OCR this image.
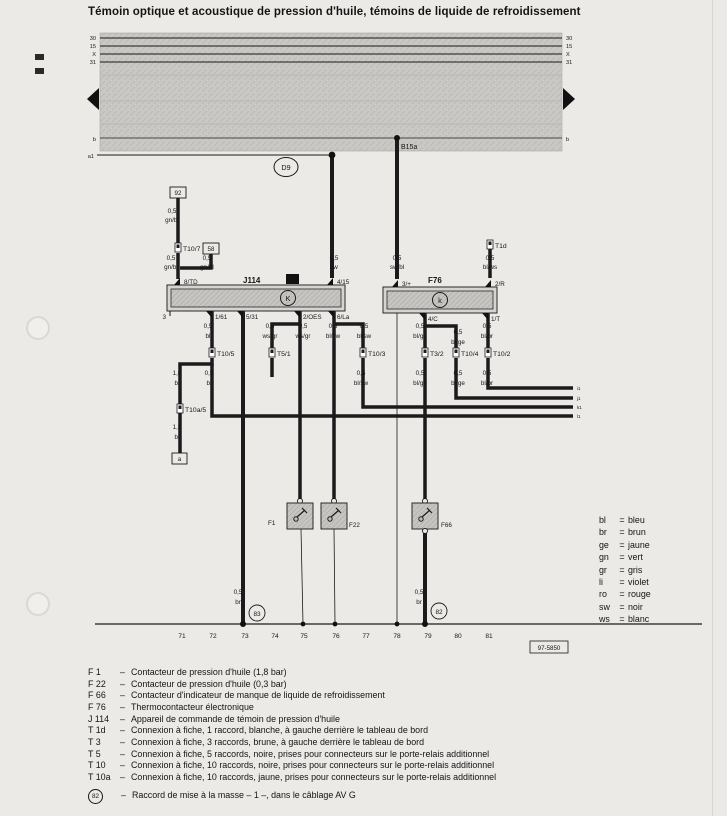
Témoin optique et acoustique de pression d'huile, témoins de liquide de refroidissement
30
15
X
31
30
15
X
31
b	b
a1
D9
B15a
92
58
a
T10/7	T1d
T10/5	T5/1	T10/3	T3/2	T10/4 T10/2
T10a/5
K
J114	6
k
F76
8/TD	4/15	3/+	2/R
3	1/61	5/31	2/OES 6/La	4/C	1/T
0,5
gn/bl
0,5
gn/bl
0,5
gn/bl
0,5
sw
0,5
sw/bl
0,5
bl/ws
0,5
bl
0,5
ws/gr
0,5
ws/gr
0,5
bl/sw
0,5
bl/sw
0,5
bl/ge
0,5
bl/ge
0,5
bl/br
1,0
bl
0,5
bl
0,5
bl/sw
0,5
bl/ge
0,5
bl/ge
0,5
bl/br
1,5
bl
0,5
br
0,5
br
i1
j1
k1
l1
F1	F22	F66
83	82
71	72	73	74	75	76	77	78	79	80	81
97-5850
bl	= bleu
br	= brun
ge	= jaune
gn	= vert
gr	= gris
li	= violet
ro	= rouge
sw	= noir
ws	= blanc
F 1	– Contacteur de pression d'huile (1,8 bar)
F 22	– Contacteur de pression d'huile (0,3 bar)
F 66	– Contacteur d'indicateur de manque de liquide de refroidissement
F 76	– Thermocontacteur électronique
J 114	– Appareil de commande de témoin de pression d'huile
T 1d	– Connexion à fiche, 1 raccord, blanche, à gauche derrière le tableau de bord
T 3	– Connexion à fiche, 3 raccords, brune, à gauche derrière le tableau de bord
T 5	– Connexion à fiche, 5 raccords, noire, prises pour connecteurs sur le porte-relais additionnel
T 10	– Connexion à fiche, 10 raccords, noire, prises pour connecteurs sur le porte-relais additionnel
T 10a	– Connexion à fiche, 10 raccords, jaune, prises pour connecteurs sur le porte-relais additionnel
82	– Raccord de mise à la masse – 1 –, dans le câblage AV G
